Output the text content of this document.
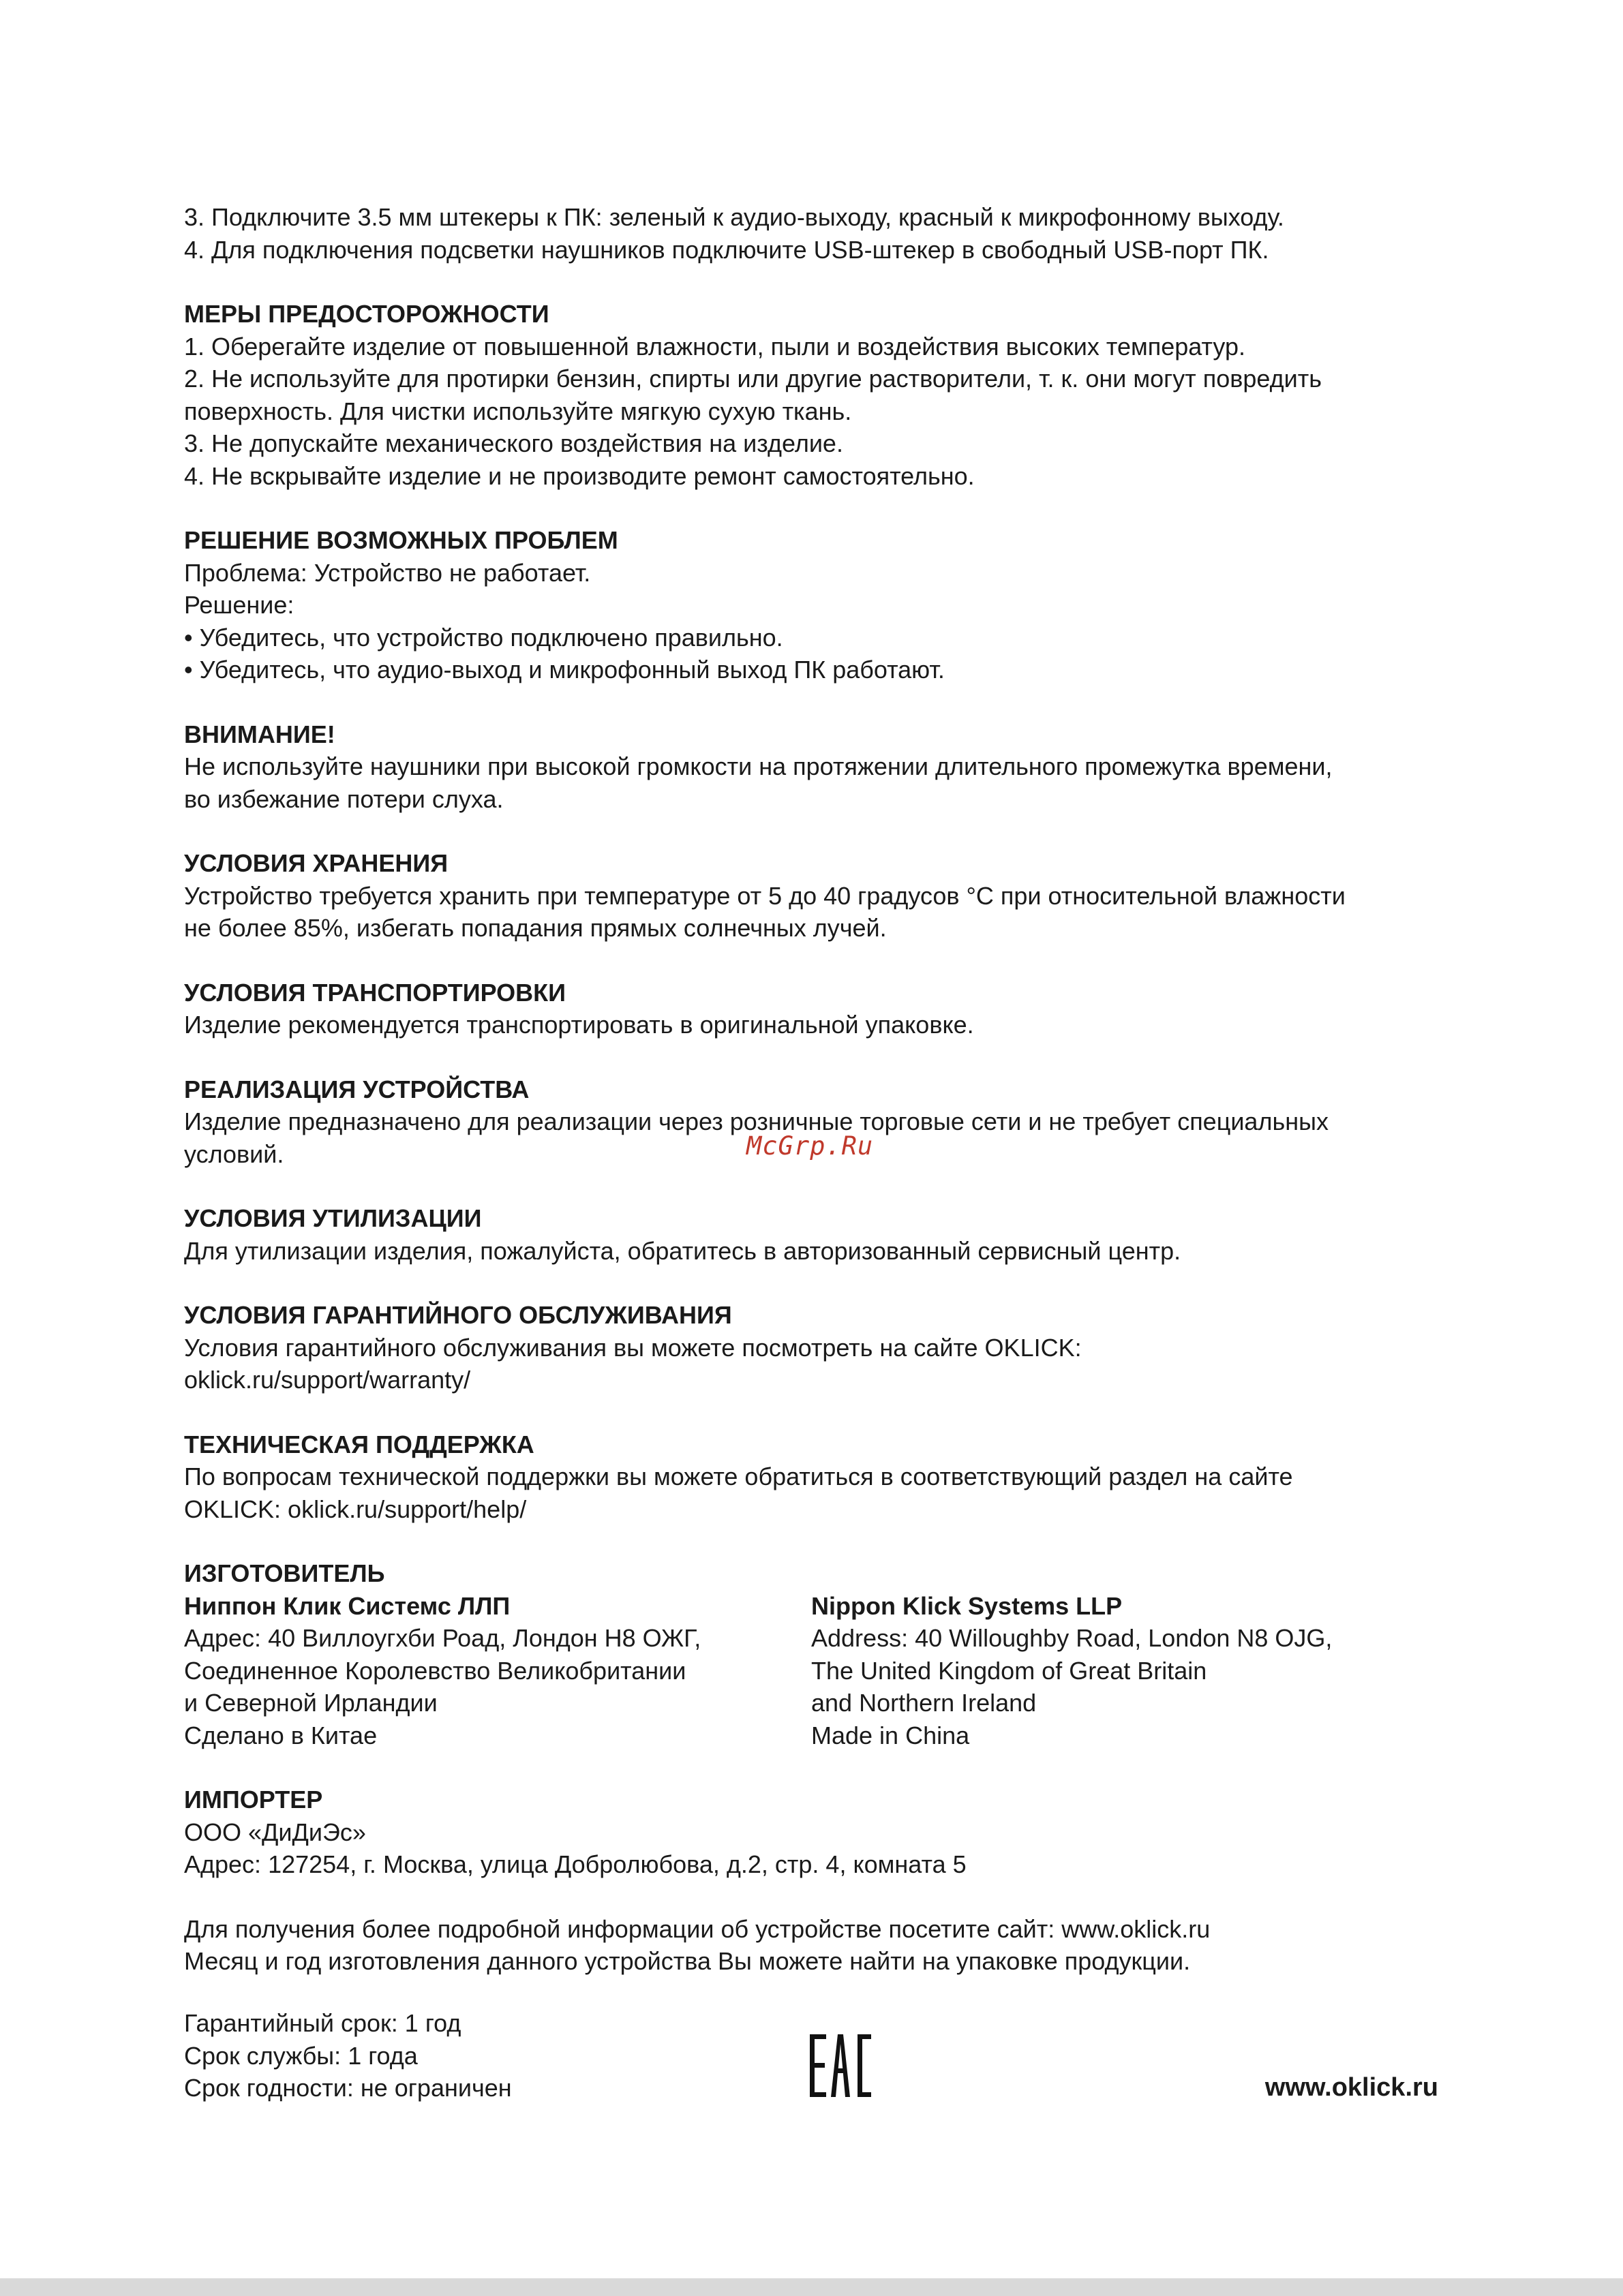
3. Подключите 3.5 мм штекеры к ПК: зеленый к аудио-выходу, красный к микрофонному выходу.
4. Для подключения подсветки наушников подключите USB-штекер в свободный USB-порт ПК.
МЕРЫ ПРЕДОСТОРОЖНОСТИ
1. Оберегайте изделие от повышенной влажности, пыли и воздействия высоких температур.
2. Не используйте для протирки бензин, спирты или другие растворители, т. к. они могут повредить
поверхность. Для чистки используйте мягкую сухую ткань.
3. Не допускайте механического воздействия на изделие.
4. Не вскрывайте изделие и не производите ремонт самостоятельно.
РЕШЕНИЕ ВОЗМОЖНЫХ ПРОБЛЕМ
Проблема: Устройство не работает.
Решение:
• Убедитесь, что устройство подключено правильно.
• Убедитесь, что аудио-выход и микрофонный выход ПК работают.
ВНИМАНИЕ!
Не используйте наушники при высокой громкости на протяжении длительного промежутка времени,
во избежание потери слуха.
УСЛОВИЯ ХРАНЕНИЯ
Устройство требуется хранить при температуре от 5 до 40 градусов °С при относительной влажности
не более 85%, избегать попадания прямых солнечных лучей.
УСЛОВИЯ ТРАНСПОРТИРОВКИ
Изделие рекомендуется транспортировать в оригинальной упаковке.
РЕАЛИЗАЦИЯ УСТРОЙСТВА
Изделие предназначено для реализации через розничные торговые сети и не требует специальных
условий.
УСЛОВИЯ УТИЛИЗАЦИИ
Для утилизации изделия, пожалуйста, обратитесь в авторизованный сервисный центр.
УСЛОВИЯ ГАРАНТИЙНОГО ОБСЛУЖИВАНИЯ
Условия гарантийного обслуживания вы можете посмотреть на сайте OKLICK:
oklick.ru/support/warranty/
ТЕХНИЧЕСКАЯ ПОДДЕРЖКА
По вопросам технической поддержки вы можете обратиться в соответствующий раздел на сайте
OKLICK: oklick.ru/support/help/
ИЗГОТОВИТЕЛЬ
Ниппон Клик Системс ЛЛП
Адрес: 40 Виллоугхби Роад, Лондон Н8 ОЖГ,
Соединенное Королевство Великобритании
и Северной Ирландии
Сделано в Китае
Nippon Klick Systems LLP
Address: 40 Willoughby Road, London N8 OJG,
The United Kingdom of Great Britain
and Northern Ireland
Made in China
ИМПОРТЕР
ООО «ДиДиЭс»
Адрес: 127254, г. Москва, улица Добролюбова, д.2, стр. 4, комната 5
Для получения более подробной информации об устройстве посетите сайт: www.oklick.ru
Месяц и год изготовления данного устройства Вы можете найти на упаковке продукции.
McGrp.Ru
Гарантийный срок: 1 год
Срок службы: 1 года
Срок годности: не ограничен	www.oklick.ru
